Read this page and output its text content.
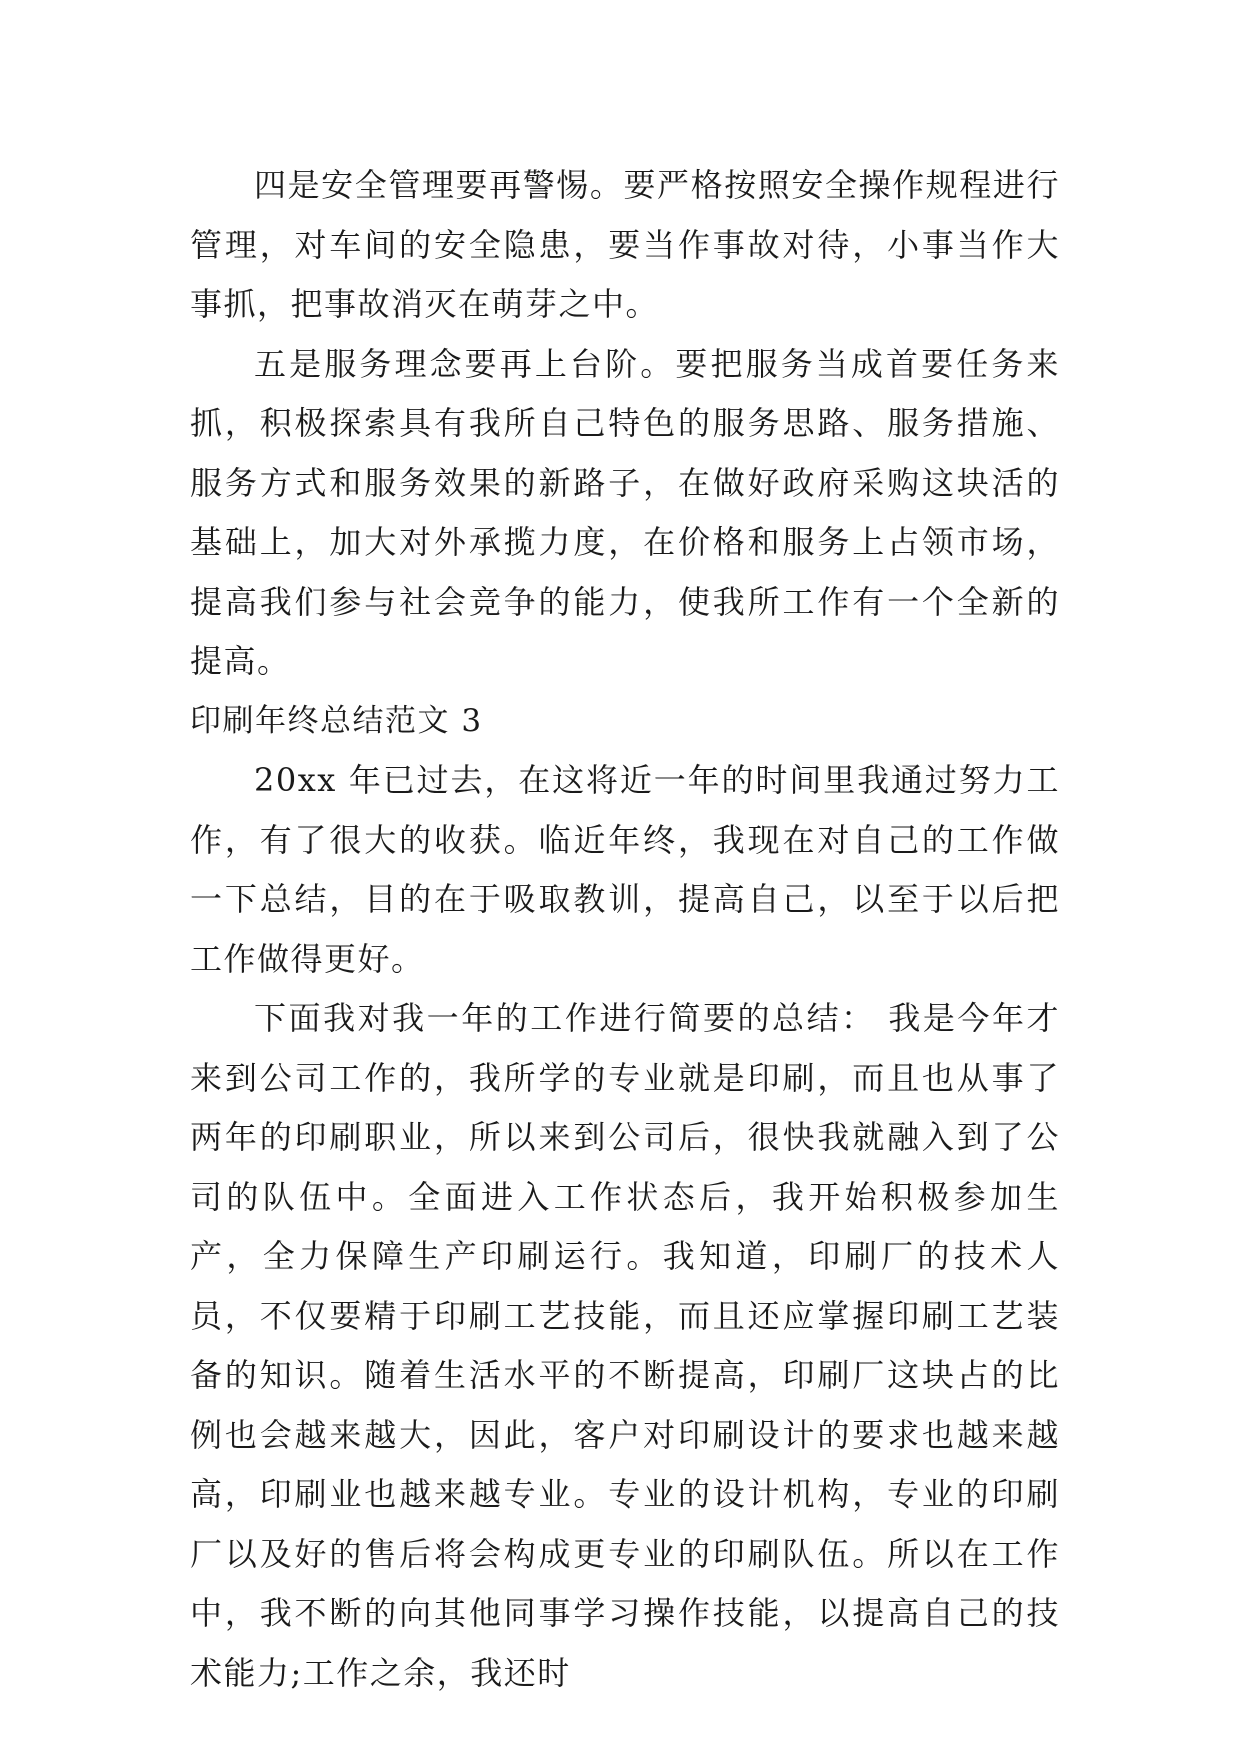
四是安全管理要再警惕。要严格按照安全操作规程进行管理，对车间的安全隐患，要当作事故对待，小事当作大事抓，把事故消灭在萌芽之中。

五是服务理念要再上台阶。要把服务当成首要任务来抓，积极探索具有我所自己特色的服务思路、服务措施、服务方式和服务效果的新路子，在做好政府采购这块活的基础上，加大对外承揽力度，在价格和服务上占领市场，提高我们参与社会竞争的能力，使我所工作有一个全新的提高。

印刷年终总结范文 3

20xx 年已过去，在这将近一年的时间里我通过努力工作，有了很大的收获。临近年终，我现在对自己的工作做一下总结，目的在于吸取教训，提高自己，以至于以后把工作做得更好。

下面我对我一年的工作进行简要的总结： 我是今年才来到公司工作的，我所学的专业就是印刷，而且也从事了两年的印刷职业，所以来到公司后，很快我就融入到了公司的队伍中。全面进入工作状态后，我开始积极参加生产，全力保障生产印刷运行。我知道，印刷厂的技术人员，不仅要精于印刷工艺技能，而且还应掌握印刷工艺装备的知识。随着生活水平的不断提高，印刷厂这块占的比例也会越来越大，因此，客户对印刷设计的要求也越来越高，印刷业也越来越专业。专业的设计机构，专业的印刷厂以及好的售后将会构成更专业的印刷队伍。所以在工作中，我不断的向其他同事学习操作技能，以提高自己的技术能力;工作之余，我还时
